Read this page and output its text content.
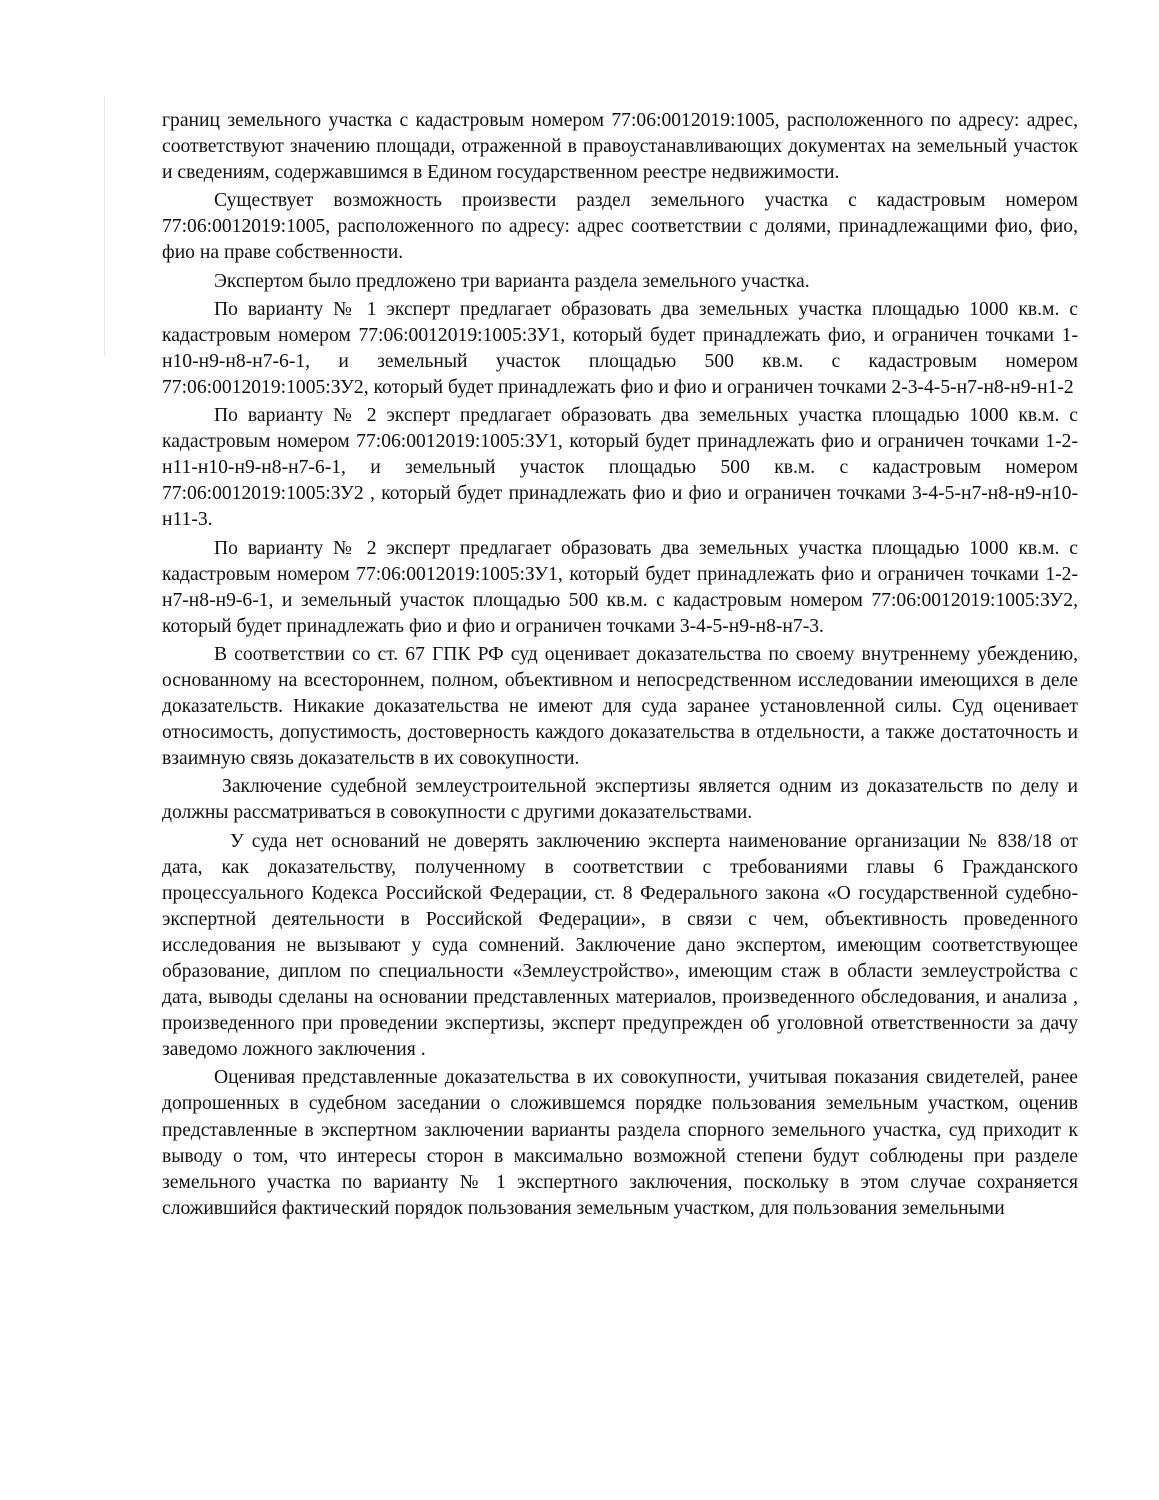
границ земельного участка с кадастровым номером 77:06:0012019:1005, расположенного по адресу: адрес, соответствуют значению площади, отраженной в правоустанавливающих документах на земельный участок и сведениям, содержавшимся в Едином государственном реестре недвижимости.

Существует возможность произвести раздел земельного участка с кадастровым номером 77:06:0012019:1005, расположенного по адресу: адрес соответствии с долями, принадлежащими фио, фио, фио на праве собственности.

Экспертом было предложено три варианта раздела земельного участка.

По варианту № 1 эксперт предлагает образовать два земельных участка площадью 1000 кв.м. с кадастровым номером 77:06:0012019:1005:ЗУ1, который будет принадлежать фио, и ограничен точками 1-н10-н9-н8-н7-6-1, и земельный участок площадью 500 кв.м. с кадастровым номером 77:06:0012019:1005:ЗУ2, который будет принадлежать фио и фио и ограничен точками 2-3-4-5-н7-н8-н9-н1-2

По варианту № 2 эксперт предлагает образовать два земельных участка площадью 1000 кв.м. с кадастровым номером 77:06:0012019:1005:ЗУ1, который будет принадлежать фио и ограничен точками 1-2-н11-н10-н9-н8-н7-6-1, и земельный участок площадью 500 кв.м. с кадастровым номером 77:06:0012019:1005:ЗУ2 , который будет принадлежать фио и фио и ограничен точками 3-4-5-н7-н8-н9-н10-н11-3.

По варианту № 2 эксперт предлагает образовать два земельных участка площадью 1000 кв.м. с кадастровым номером 77:06:0012019:1005:ЗУ1, который будет принадлежать фио и ограничен точками 1-2-н7-н8-н9-6-1, и земельный участок площадью 500 кв.м. с кадастровым номером 77:06:0012019:1005:ЗУ2, который будет принадлежать фио и фио и ограничен точками 3-4-5-н9-н8-н7-3.

В соответствии со ст. 67 ГПК РФ суд оценивает доказательства по своему внутреннему убеждению, основанному на всестороннем, полном, объективном и непосредственном исследовании имеющихся в деле доказательств. Никакие доказательства не имеют для суда заранее установленной силы. Суд оценивает относимость, допустимость, достоверность каждого доказательства в отдельности, а также достаточность и взаимную связь доказательств в их совокупности.

Заключение судебной землеустроительной экспертизы является одним из доказательств по делу и должны рассматриваться в совокупности с другими доказательствами.

У суда нет оснований не доверять заключению эксперта наименование организации № 838/18 от дата, как доказательству, полученному в соответствии с требованиями главы 6 Гражданского процессуального Кодекса Российской Федерации, ст. 8 Федерального закона «О государственной судебно- экспертной деятельности в Российской Федерации», в связи с чем, объективность проведенного исследования не вызывают у суда сомнений. Заключение дано экспертом, имеющим соответствующее образование, диплом по специальности «Землеустройство», имеющим стаж в области землеустройства с дата, выводы сделаны на основании представленных материалов, произведенного обследования, и анализа , произведенного при проведении экспертизы, эксперт предупрежден об уголовной ответственности за дачу заведомо ложного заключения .

Оценивая представленные доказательства в их совокупности, учитывая показания свидетелей, ранее допрошенных в судебном заседании о сложившемся порядке пользования земельным участком, оценив представленные в экспертном заключении варианты раздела спорного земельного участка, суд приходит к выводу о том, что интересы сторон в максимально возможной степени будут соблюдены при разделе земельного участка по варианту № 1 экспертного заключения, поскольку в этом случае сохраняется сложившийся фактический порядок пользования земельным участком, для пользования земельными
